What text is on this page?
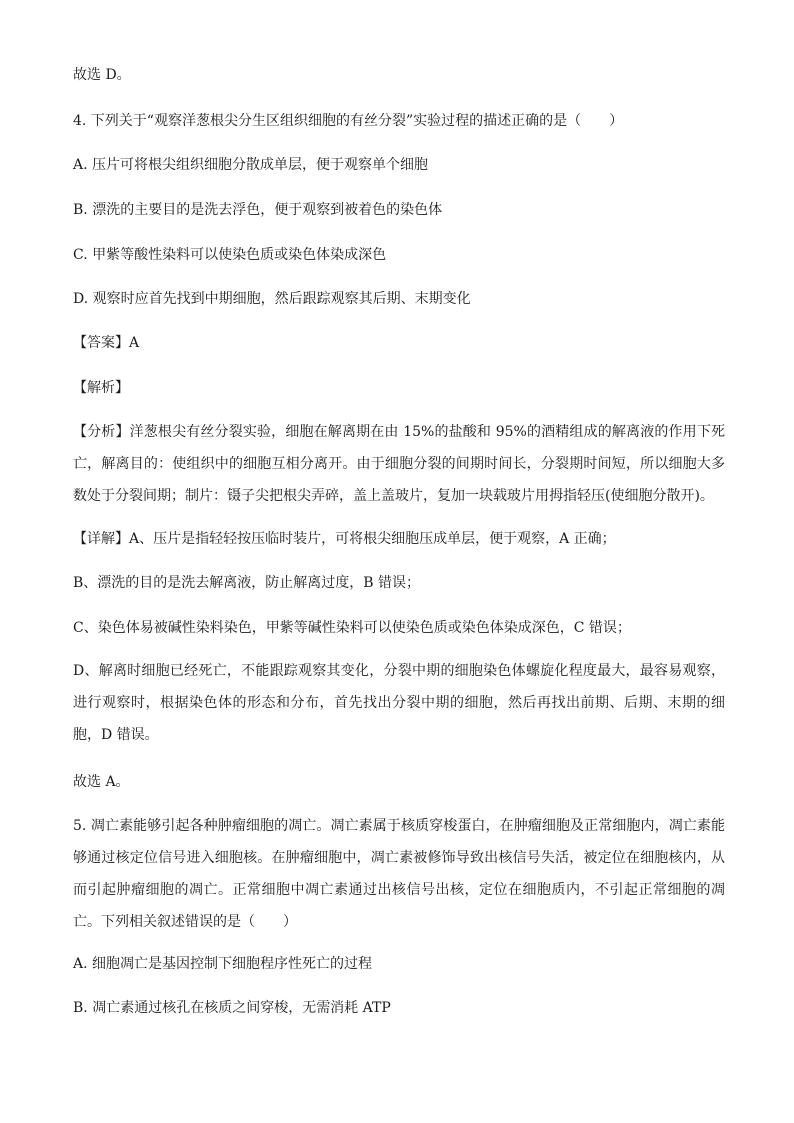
故选 D。
4. 下列关于“观察洋葱根尖分生区组织细胞的有丝分裂”实验过程的描述正确的是（　　）
A. 压片可将根尖组织细胞分散成单层，便于观察单个细胞
B. 漂洗的主要目的是洗去浮色，便于观察到被着色的染色体
C. 甲紫等酸性染料可以使染色质或染色体染成深色
D. 观察时应首先找到中期细胞，然后跟踪观察其后期、末期变化
【答案】A
【解析】
【分析】洋葱根尖有丝分裂实验，细胞在解离期在由 15%的盐酸和 95%的酒精组成的解离液的作用下死亡，解离目的：使组织中的细胞互相分离开。由于细胞分裂的间期时间长，分裂期时间短，所以细胞大多数处于分裂间期；制片：镊子尖把根尖弄碎，盖上盖玻片，复加一块载玻片用拇指轻压(使细胞分散开)。
【详解】A、压片是指轻轻按压临时装片，可将根尖细胞压成单层，便于观察，A 正确；
B、漂洗的目的是洗去解离液，防止解离过度，B 错误；
C、染色体易被碱性染料染色，甲紫等碱性染料可以使染色质或染色体染成深色，C 错误；
D、解离时细胞已经死亡，不能跟踪观察其变化，分裂中期的细胞染色体螺旋化程度最大，最容易观察，进行观察时，根据染色体的形态和分布，首先找出分裂中期的细胞，然后再找出前期、后期、末期的细胞，D 错误。
故选 A。
5. 凋亡素能够引起各种肿瘤细胞的凋亡。凋亡素属于核质穿梭蛋白，在肿瘤细胞及正常细胞内，凋亡素能够通过核定位信号进入细胞核。在肿瘤细胞中，凋亡素被修饰导致出核信号失活，被定位在细胞核内，从而引起肿瘤细胞的凋亡。正常细胞中凋亡素通过出核信号出核，定位在细胞质内，不引起正常细胞的凋亡。下列相关叙述错误的是（　　）
A. 细胞凋亡是基因控制下细胞程序性死亡的过程
B. 凋亡素通过核孔在核质之间穿梭，无需消耗 ATP
